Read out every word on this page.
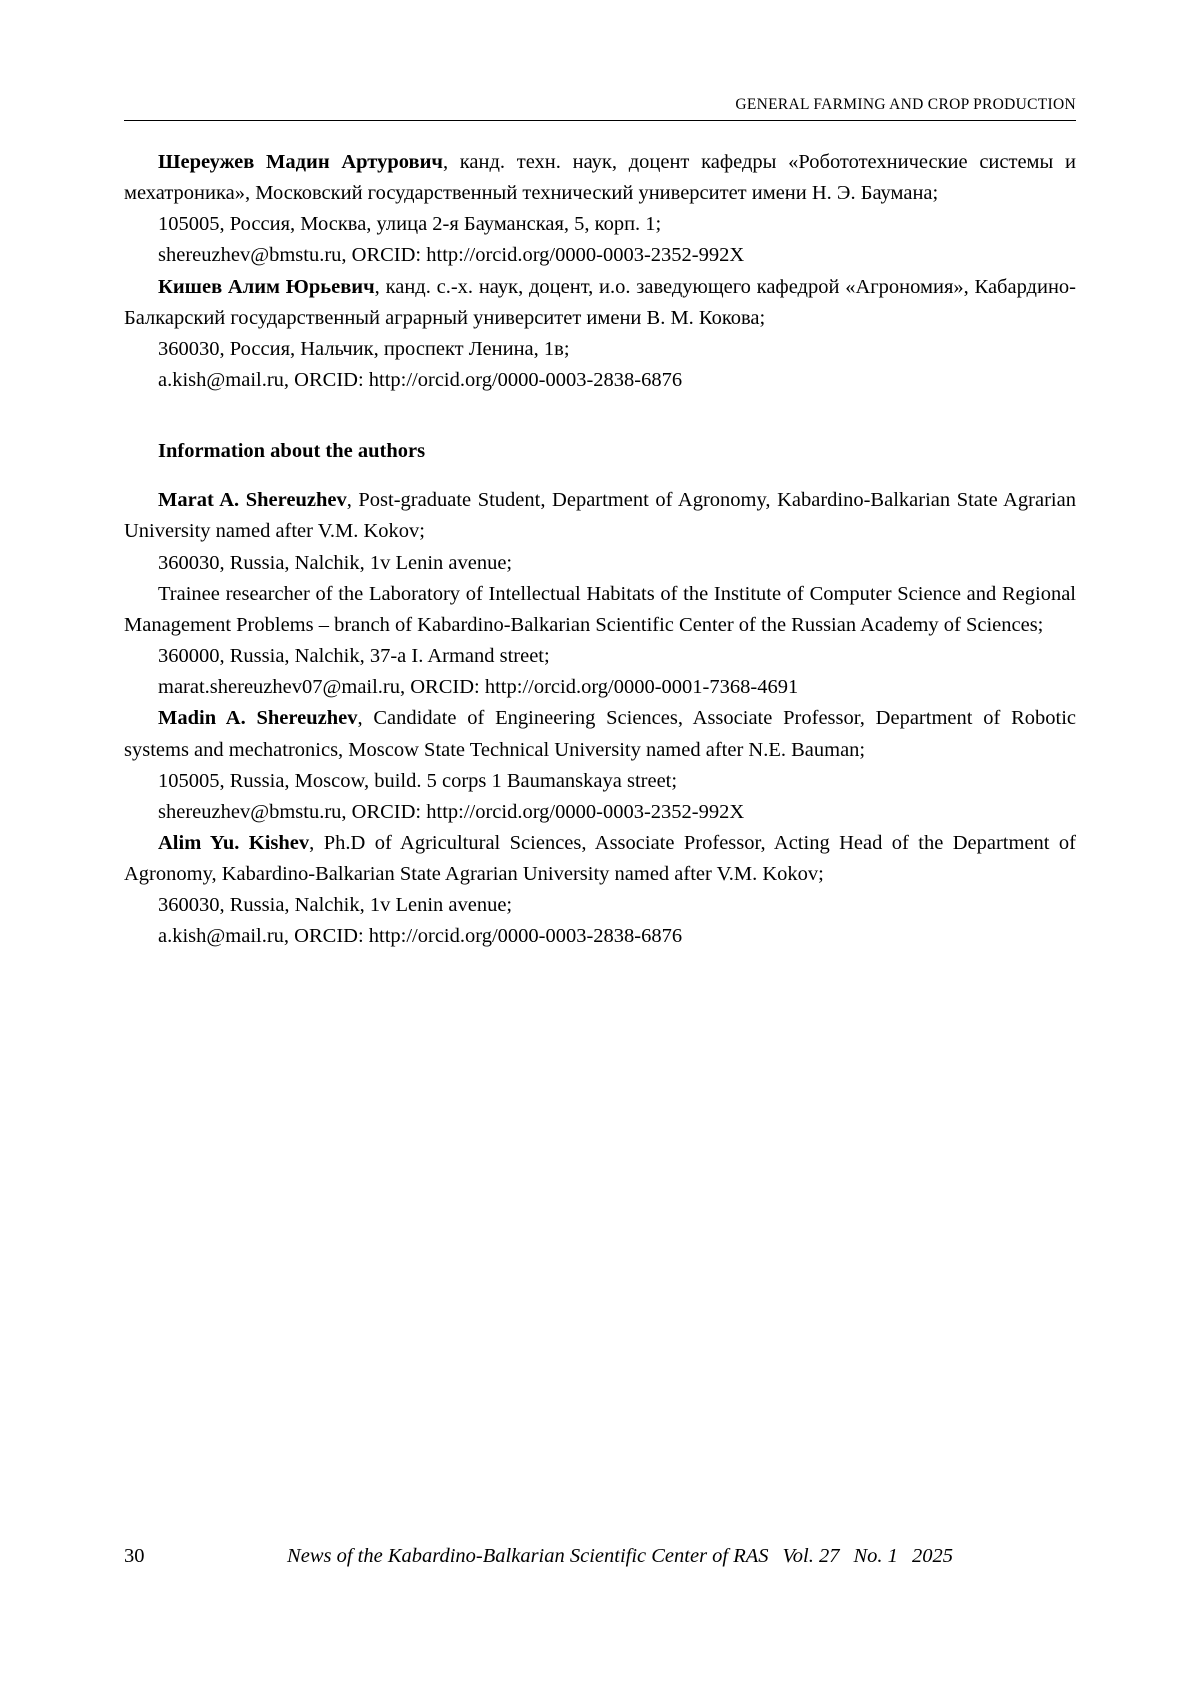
GENERAL FARMING AND CROP PRODUCTION

Шереужев Мадин Артурович, канд. техн. наук, доцент кафедры «Робототехнические системы и мехатроника», Московский государственный технический университет имени Н. Э. Баумана;

105005, Россия, Москва, улица 2-я Бауманская, 5, корп. 1;

shereuzhev@bmstu.ru, ORCID: http://orcid.org/0000-0003-2352-992X

Кишев Алим Юрьевич, канд. с.-х. наук, доцент, и.о. заведующего кафедрой «Агрономия», Кабардино-Балкарский государственный аграрный университет имени В. М. Кокова;

360030, Россия, Нальчик, проспект Ленина, 1в;

a.kish@mail.ru, ORCID: http://orcid.org/0000-0003-2838-6876

Information about the authors

Marat A. Shereuzhev, Post-graduate Student, Department of Agronomy, Kabardino-Balkarian State Agrarian University named after V.M. Kokov;

360030, Russia, Nalchik, 1v Lenin avenue;

Trainee researcher of the Laboratory of Intellectual Habitats of the Institute of Computer Science and Regional Management Problems – branch of Kabardino-Balkarian Scientific Center of the Russian Academy of Sciences;

360000, Russia, Nalchik, 37-a I. Armand street;

marat.shereuzhev07@mail.ru, ORCID: http://orcid.org/0000-0001-7368-4691

Madin A. Shereuzhev, Candidate of Engineering Sciences, Associate Professor, Department of Robotic systems and mechatronics, Moscow State Technical University named after N.E. Bauman;

105005, Russia, Moscow, build. 5 corps 1 Baumanskaya street;

shereuzhev@bmstu.ru, ORCID: http://orcid.org/0000-0003-2352-992X

Alim Yu. Kishev, Ph.D of Agricultural Sciences, Associate Professor, Acting Head of the Department of Agronomy, Kabardino-Balkarian State Agrarian University named after V.M. Kokov;

360030, Russia, Nalchik, 1v Lenin avenue;

a.kish@mail.ru, ORCID: http://orcid.org/0000-0003-2838-6876

30	News of the Kabardino-Balkarian Scientific Center of RAS Vol. 27 No. 1 2025
